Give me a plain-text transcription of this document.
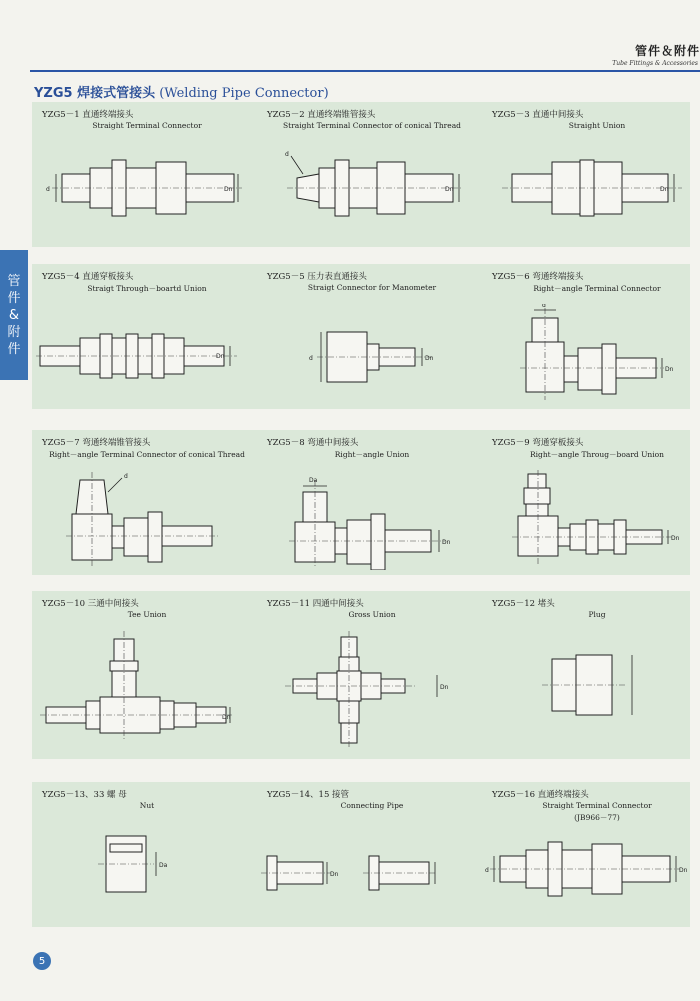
管件＆附件
Tube Fittings & Accessories
YZG5 焊接式管接头 (Welding Pipe Connector)
管
件
&
附
件
YZG5－1 直通终端接头
Straight Terminal Connector
d	Dn
YZG5－2 直通终端锥管接头
Straight Terminal Connector of conical Thread
d
Dn
YZG5－3 直通中间接头
Straight Union
Dn
YZG5－4 直通穿板接头
Straigt Through－boartd Union
Dn
YZG5－5 压力表直通接头
Straigt Connector for Manometer
d	Dn
YZG5－6 弯通终端接头
Right－angle Terminal Connector
d
Dn
YZG5－7 弯通终端锥管接头
Right－angle Terminal Connector of conical Thread
d
YZG5－8 弯通中间接头
Right－angle Union
Da
Dn
YZG5－9 弯通穿板接头
Right－angle Throug－board Union
Dn
YZG5－10 三通中间接头
Tee Union
Dn
YZG5－11 四通中间接头
Gross Union
Dn
YZG5－12 堵头
Plug
YZG5－13、33 螺 母
Nut
Da
YZG5－14、15 接管
Connecting Pipe
Dn
YZG5－16 直通终端接头
Straight Terminal Connector
(JB966－77)
d	Dn
5
